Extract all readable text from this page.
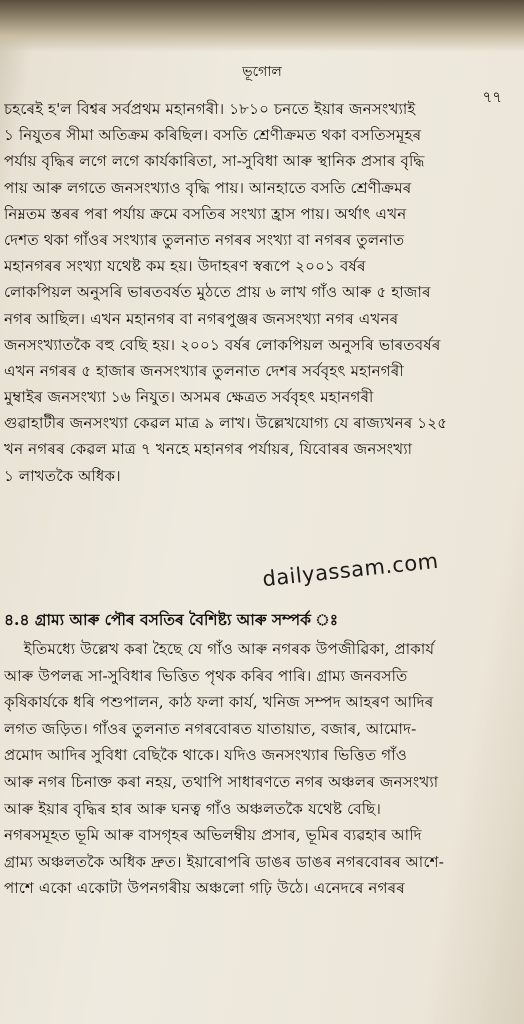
ভূগোল
৭৭
চহৰেই হ'ল বিশ্বৰ সৰ্বপ্ৰথম মহানগৰী। ১৮১০ চনতে ইয়াৰ জনসংখ্যাই
১ নিযুতৰ সীমা অতিক্ৰম কৰিছিল। বসতি শ্ৰেণীক্ৰমত থকা বসতিসমূহৰ
পৰ্যায় বৃদ্ধিৰ লগে লগে কাৰ্যকাৰিতা, সা-সুবিধা আৰু স্থানিক প্ৰসাৰ বৃদ্ধি
পায় আৰু লগতে জনসংখ্যাও বৃদ্ধি পায়। আনহাতে বসতি শ্ৰেণীক্ৰমৰ
নিম্নতম স্তৰৰ পৰা পৰ্যায় ক্ৰমে বসতিৰ সংখ্যা হ্ৰাস পায়। অৰ্থাৎ এখন
দেশত থকা গাঁওৰ সংখ্যাৰ তুলনাত নগৰৰ সংখ্যা বা নগৰৰ তুলনাত
মহানগৰৰ সংখ্যা যথেষ্ট কম হয়। উদাহৰণ স্বৰূপে ২০০১ বৰ্ষৰ
লোকপিয়ল অনুসৰি ভাৰতবৰ্ষত মুঠতে প্ৰায় ৬ লাখ গাঁও আৰু ৫ হাজাৰ
নগৰ আছিল। এখন মহানগৰ বা নগৰপুঞ্জৰ জনসংখ্যা নগৰ এখনৰ
জনসংখ্যাতকৈ বহু বেছি হয়। ২০০১ বৰ্ষৰ লোকপিয়ল অনুসৰি ভাৰতবৰ্ষৰ
এখন নগৰৰ ৫ হাজাৰ জনসংখ্যাৰ তুলনাত দেশৰ সৰ্ববৃহৎ মহানগৰী
মুম্বাইৰ জনসংখ্যা ১৬ নিযুত। অসমৰ ক্ষেত্ৰত সৰ্ববৃহৎ মহানগৰী
গুৱাহাটীৰ জনসংখ্যা কেৱল মাত্ৰ ৯ লাখ। উল্লেখযোগ্য যে ৰাজ্যখনৰ ১২৫
খন নগৰৰ কেৱল মাত্ৰ ৭ খনহে মহানগৰ পৰ্যায়ৰ, যিবোৰৰ জনসংখ্যা
১ লাখতকৈ অধিক।
dailyassam.com
৪.৪ গ্ৰাম্য আৰু পৌৰ বসতিৰ বৈশিষ্ট্য আৰু সম্পৰ্ক ঃ
ইতিমধ্যে উল্লেখ কৰা হৈছে যে গাঁও আৰু নগৰক উপজীৱিকা, প্ৰাকাৰ্য
আৰু উপলব্ধ সা-সুবিধাৰ ভিত্তিত পৃথক কৰিব পাৰি। গ্ৰাম্য জনবসতি
কৃষিকাৰ্যকে ধৰি পশুপালন, কাঠ ফলা কাৰ্য, খনিজ সম্পদ আহৰণ আদিৰ
লগত জড়িত। গাঁওৰ তুলনাত নগৰবোৰত যাতায়াত, বজাৰ, আমোদ-
প্ৰমোদ আদিৰ সুবিধা বেছিকৈ থাকে। যদিও জনসংখ্যাৰ ভিত্তিত গাঁও
আৰু নগৰ চিনাক্ত কৰা নহয়, তথাপি সাধাৰণতে নগৰ অঞ্চলৰ জনসংখ্যা
আৰু ইয়াৰ বৃদ্ধিৰ হাৰ আৰু ঘনত্ব গাঁও অঞ্চলতকৈ যথেষ্ট বেছি।
নগৰসমূহত ভূমি আৰু বাসগৃহৰ অভিলম্বীয় প্ৰসাৰ, ভূমিৰ ব্যৱহাৰ আদি
গ্ৰাম্য অঞ্চলতকৈ অধিক দ্ৰুত। ইয়াৰোপৰি ডাঙৰ ডাঙৰ নগৰবোৰৰ আশে-
পাশে একো একোটা উপনগৰীয় অঞ্চলো গঢ়ি উঠে। এনেদৰে নগৰৰ
